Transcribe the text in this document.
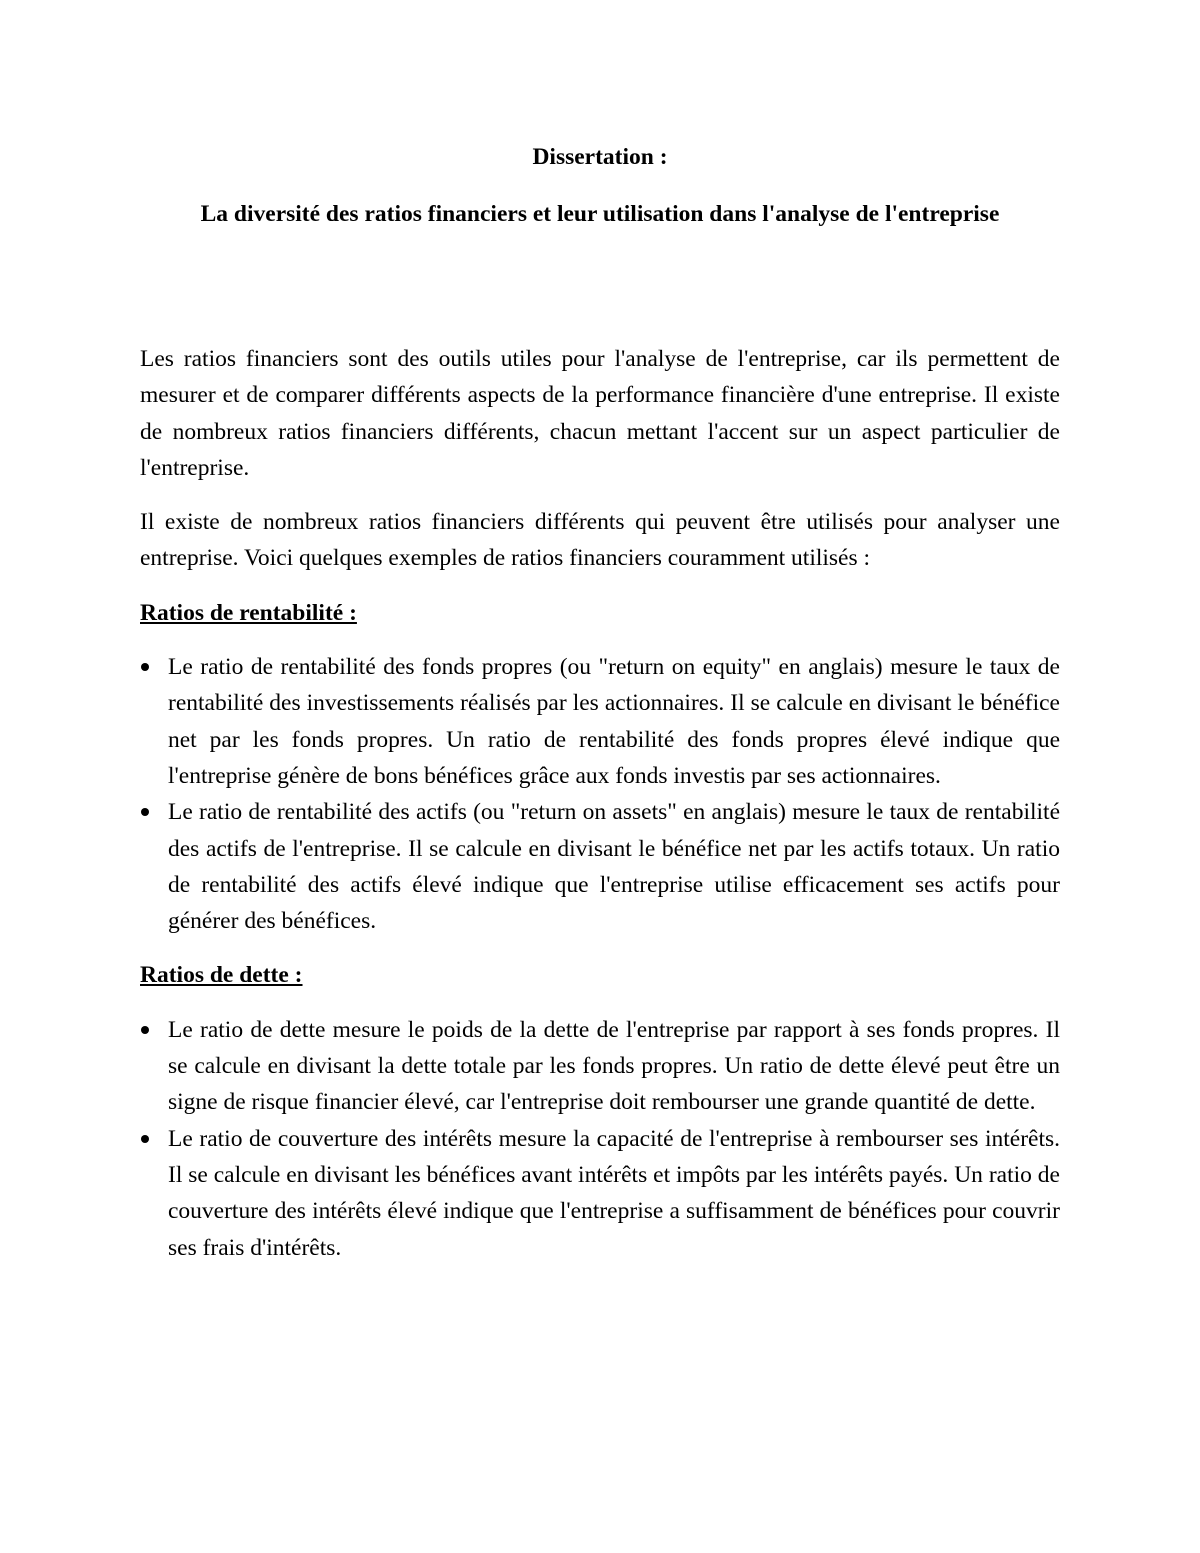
Dissertation :

La diversité des ratios financiers et leur utilisation dans l'analyse de l'entreprise

Les ratios financiers sont des outils utiles pour l'analyse de l'entreprise, car ils permettent de mesurer et de comparer différents aspects de la performance financière d'une entreprise. Il existe de nombreux ratios financiers différents, chacun mettant l'accent sur un aspect particulier de l'entreprise.

Il existe de nombreux ratios financiers différents qui peuvent être utilisés pour analyser une entreprise. Voici quelques exemples de ratios financiers couramment utilisés :

Ratios de rentabilité :

Le ratio de rentabilité des fonds propres (ou "return on equity" en anglais) mesure le taux de rentabilité des investissements réalisés par les actionnaires. Il se calcule en divisant le bénéfice net par les fonds propres. Un ratio de rentabilité des fonds propres élevé indique que l'entreprise génère de bons bénéfices grâce aux fonds investis par ses actionnaires.
Le ratio de rentabilité des actifs (ou "return on assets" en anglais) mesure le taux de rentabilité des actifs de l'entreprise. Il se calcule en divisant le bénéfice net par les actifs totaux. Un ratio de rentabilité des actifs élevé indique que l'entreprise utilise efficacement ses actifs pour générer des bénéfices.

Ratios de dette :

Le ratio de dette mesure le poids de la dette de l'entreprise par rapport à ses fonds propres. Il se calcule en divisant la dette totale par les fonds propres. Un ratio de dette élevé peut être un signe de risque financier élevé, car l'entreprise doit rembourser une grande quantité de dette.
Le ratio de couverture des intérêts mesure la capacité de l'entreprise à rembourser ses intérêts. Il se calcule en divisant les bénéfices avant intérêts et impôts par les intérêts payés. Un ratio de couverture des intérêts élevé indique que l'entreprise a suffisamment de bénéfices pour couvrir ses frais d'intérêts.
